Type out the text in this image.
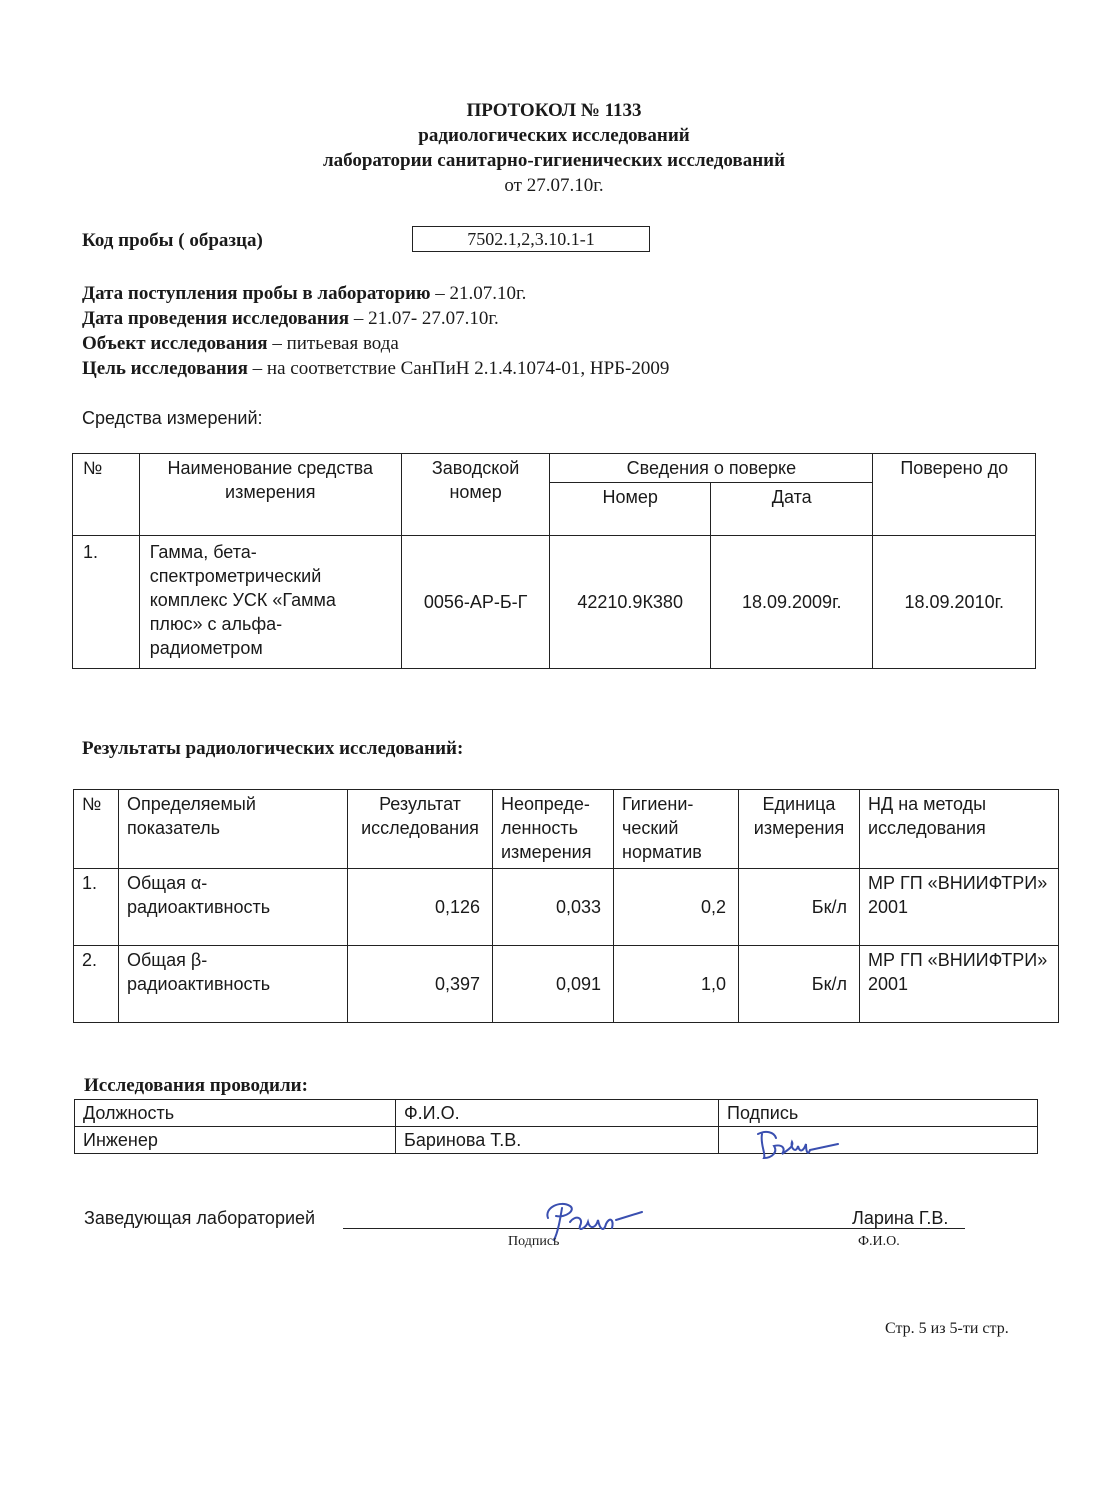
ПРОТОКОЛ № 1133
радиологических исследований
лаборатории санитарно-гигиенических исследований
от 27.07.10г.
Код пробы ( образца)	7502.1,2,3.10.1-1
Дата поступления пробы в лабораторию – 21.07.10г.
Дата проведения исследования – 21.07- 27.07.10г.
Объект исследования – питьевая вода
Цель исследования – на соответствие СанПиН 2.1.4.1074-01, НРБ-2009
Средства измерений:
№	Наименование средства измерения	Заводской номер	Сведения о поверке		Поверено до
			Номер	Дата	
1.	Гамма, бета-спектрометрический комплекс УСК «Гамма плюс» с альфа-радиометром	0056-АР-Б-Г	42210.9К380	18.09.2009г.	18.09.2010г.
Результаты радиологических исследований:
№	Определяемый показатель	Результат исследования	Неопреде-ленность измерения	Гигиени-ческий норматив	Единица измерения	НД на методы исследования
1.	Общая α-радиоактивность	0,126	0,033	0,2	Бк/л	МР ГП «ВНИИФТРИ» 2001
2.	Общая β-радиоактивность	0,397	0,091	1,0	Бк/л	МР ГП «ВНИИФТРИ» 2001
Исследования проводили:
Должность	Ф.И.О.	Подпись
Инженер	Баринова Т.В.	
Заведующая лабораторией	Ларина Г.В.
Подпись	Ф.И.О.
Стр. 5 из 5-ти стр.
